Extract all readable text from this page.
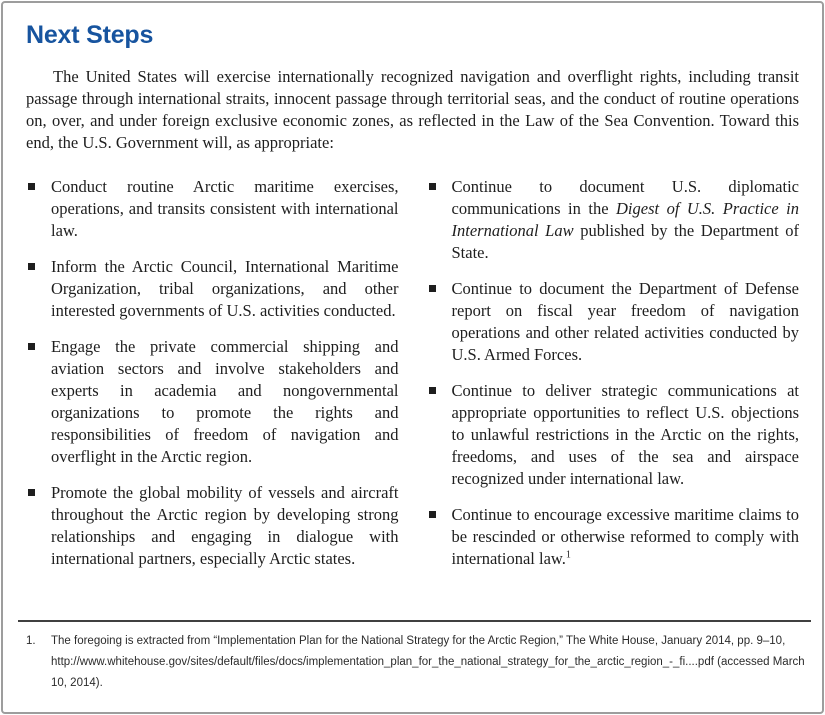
Next Steps

The United States will exercise internationally recognized navigation and overflight rights, including transit passage through international straits, innocent passage through territorial seas, and the conduct of routine operations on, over, and under foreign exclusive economic zones, as reflected in the Law of the Sea Convention. Toward this end, the U.S. Government will, as appropriate:

Conduct routine Arctic maritime exercises, operations, and transits consistent with international law.
Inform the Arctic Council, International Maritime Organization, tribal organizations, and other interested governments of U.S. activities conducted.
Engage the private commercial shipping and aviation sectors and involve stakeholders and experts in academia and nongovernmental organizations to promote the rights and responsibilities of freedom of navigation and overflight in the Arctic region.
Promote the global mobility of vessels and aircraft throughout the Arctic region by developing strong relationships and engaging in dialogue with international partners, especially Arctic states.
Continue to document U.S. diplomatic communications in the Digest of U.S. Practice in International Law published by the Department of State.
Continue to document the Department of Defense report on fiscal year freedom of navigation operations and other related activities conducted by U.S. Armed Forces.
Continue to deliver strategic communications at appropriate opportunities to reflect U.S. objections to unlawful restrictions in the Arctic on the rights, freedoms, and uses of the sea and airspace recognized under international law.
Continue to encourage excessive maritime claims to be rescinded or otherwise reformed to comply with international law.$^1$
1.	The foregoing is extracted from “Implementation Plan for the National Strategy for the Arctic Region,” The White House, January 2014, pp. 9–10, http://www.whitehouse.gov/sites/default/files/docs/implementation_plan_for_the_national_strategy_for_the_arctic_region_-_fi....pdf (accessed March 10, 2014).
